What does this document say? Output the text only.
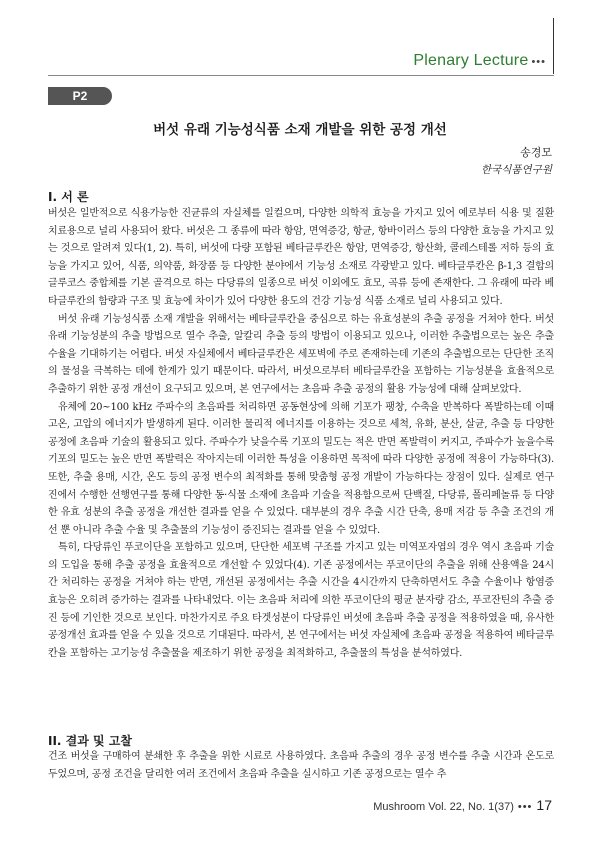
Plenary Lecture •••
P2
버섯 유래 기능성식품 소재 개발을 위한 공정 개선
송경모
한국식품연구원
I. 서 론

버섯은 일반적으로 식용가능한 진균류의 자실체를 일컬으며, 다양한 의학적 효능을 가지고 있어 예로부터 식용 및 질환 치료용으로 널리 사용되어 왔다. 버섯은 그 종류에 따라 항암, 면역증강, 항균, 항바이러스 등의 다양한 효능을 가지고 있는 것으로 알려져 있다(1, 2). 특히, 버섯에 다량 포함된 베타글루칸은 항암, 면역증강, 항산화, 콜레스테롤 저하 등의 효능을 가지고 있어, 식품, 의약품, 화장품 등 다양한 분야에서 기능성 소재로 각광받고 있다. 베타글루칸은 β-1,3 결합의 글루코스 중합체를 기본 골격으로 하는 다당류의 일종으로 버섯 이외에도 효모, 곡류 등에 존재한다. 그 유래에 따라 베타글루칸의 함량과 구조 및 효능에 차이가 있어 다양한 용도의 건강 기능성 식품 소재로 널리 사용되고 있다.

버섯 유래 기능성식품 소재 개발을 위해서는 베타글루칸을 중심으로 하는 유효성분의 추출 공정을 거쳐야 한다. 버섯 유래 기능성분의 추출 방법으로 열수 추출, 알칼리 추출 등의 방법이 이용되고 있으나, 이러한 추출법으로는 높은 추출 수율을 기대하기는 어렵다. 버섯 자실체에서 베타글루칸은 세포벽에 주로 존재하는데 기존의 추출법으로는 단단한 조직의 물성을 극복하는 데에 한계가 있기 때문이다. 따라서, 버섯으로부터 베타글루칸을 포함하는 기능성분을 효율적으로 추출하기 위한 공정 개선이 요구되고 있으며, 본 연구에서는 초음파 추출 공정의 활용 가능성에 대해 살펴보았다.

유체에 20~100 kHz 주파수의 초음파를 처리하면 공동현상에 의해 기포가 팽창, 수축을 반복하다 폭발하는데 이때 고온, 고압의 에너지가 발생하게 된다. 이러한 물리적 에너지를 이용하는 것으로 세척, 유화, 분산, 살균, 추출 등 다양한 공정에 초음파 기술의 활용되고 있다. 주파수가 낮을수록 기포의 밀도는 적은 반면 폭발력이 커지고, 주파수가 높을수록 기포의 밀도는 높은 반면 폭발력은 작아지는데 이러한 특성을 이용하면 목적에 따라 다양한 공정에 적용이 가능하다(3). 또한, 추출 용매, 시간, 온도 등의 공정 변수의 최적화를 통해 맞춤형 공정 개발이 가능하다는 장점이 있다. 실제로 연구진에서 수행한 선행연구를 통해 다양한 동·식물 소재에 초음파 기술을 적용함으로써 단백질, 다당류, 폴리페놀류 등 다양한 유효 성분의 추출 공정을 개선한 결과를 얻을 수 있었다. 대부분의 경우 추출 시간 단축, 용매 저감 등 추출 조건의 개선 뿐 아니라 추출 수율 및 추출물의 기능성이 증진되는 결과를 얻을 수 있었다.

특히, 다당류인 푸코이단을 포함하고 있으며, 단단한 세포벽 구조를 가지고 있는 미역포자엽의 경우 역시 초음파 기술의 도입을 통해 추출 공정을 효율적으로 개선할 수 있었다(4). 기존 공정에서는 푸코이단의 추출을 위해 산용액을 24시간 처리하는 공정을 거쳐야 하는 반면, 개선된 공정에서는 추출 시간을 4시간까지 단축하면서도 추출 수율이나 항염증 효능은 오히려 증가하는 결과를 나타내었다. 이는 초음파 처리에 의한 푸코이단의 평균 분자량 감소, 푸코잔틴의 추출 증진 등에 기인한 것으로 보인다. 마찬가지로 주요 타겟성분이 다당류인 버섯에 초음파 추출 공정을 적용하였을 때, 유사한 공정개선 효과를 얻을 수 있을 것으로 기대된다. 따라서, 본 연구에서는 버섯 자실체에 초음파 공정을 적용하여 베타글루칸을 포함하는 고기능성 추출물을 제조하기 위한 공정을 최적화하고, 추출물의 특성을 분석하였다.

II. 결과 및 고찰

건조 버섯을 구매하여 분쇄한 후 추출을 위한 시료로 사용하였다. 초음파 추출의 경우 공정 변수를 추출 시간과 온도로 두었으며, 공정 조건을 달리한 여러 조건에서 초음파 추출을 실시하고 기존 공정으로는 열수 추

Mushroom Vol. 22, No. 1(37) ••• 17
